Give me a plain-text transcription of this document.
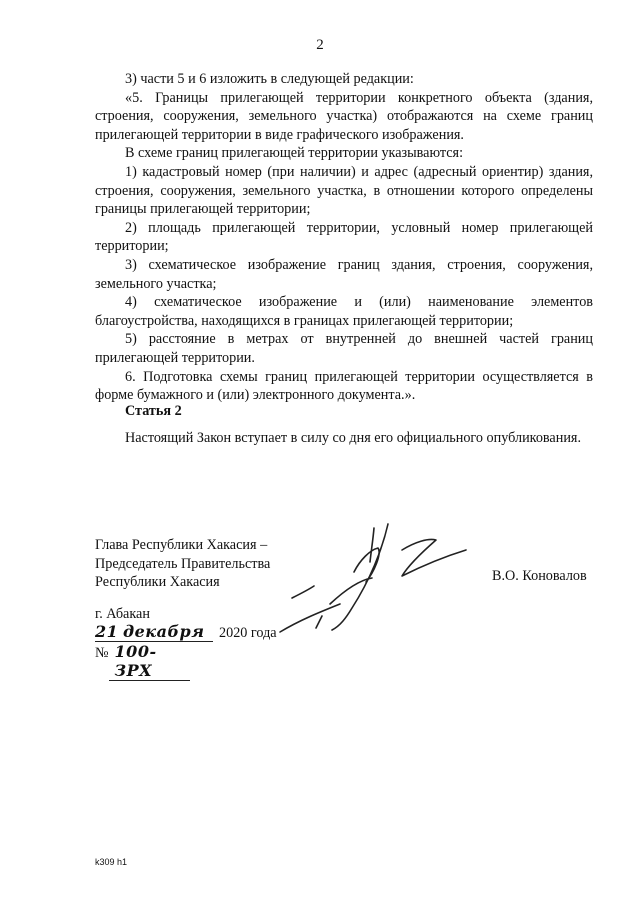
2

3) части 5 и 6 изложить в следующей редакции:

«5. Границы прилегающей территории конкретного объекта (здания, строения, сооружения, земельного участка) отображаются на схеме границ прилегающей территории в виде графического изображения.

В схеме границ прилегающей территории указываются:

1) кадастровый номер (при наличии) и адрес (адресный ориентир) здания, строения, сооружения, земельного участка, в отношении которого определены границы прилегающей территории;

2) площадь прилегающей территории, условный номер прилегающей территории;

3) схематическое изображение границ здания, строения, сооружения, земельного участка;

4) схематическое изображение и (или) наименование элементов благоустройства, находящихся в границах прилегающей территории;

5) расстояние в метрах от внутренней до внешней частей границ прилегающей территории.

6. Подготовка схемы границ прилегающей территории осуществляется в форме бумажного и (или) электронного документа.».

Статья 2
Настоящий Закон вступает в силу со дня его официального опубликования.
Глава Республики Хакасия –
Председатель Правительства
Республики Хакасия	В.О. Коновалов
г. Абакан
21 декабря	2020 года
№ 100-ЗРХ
k309 h1
